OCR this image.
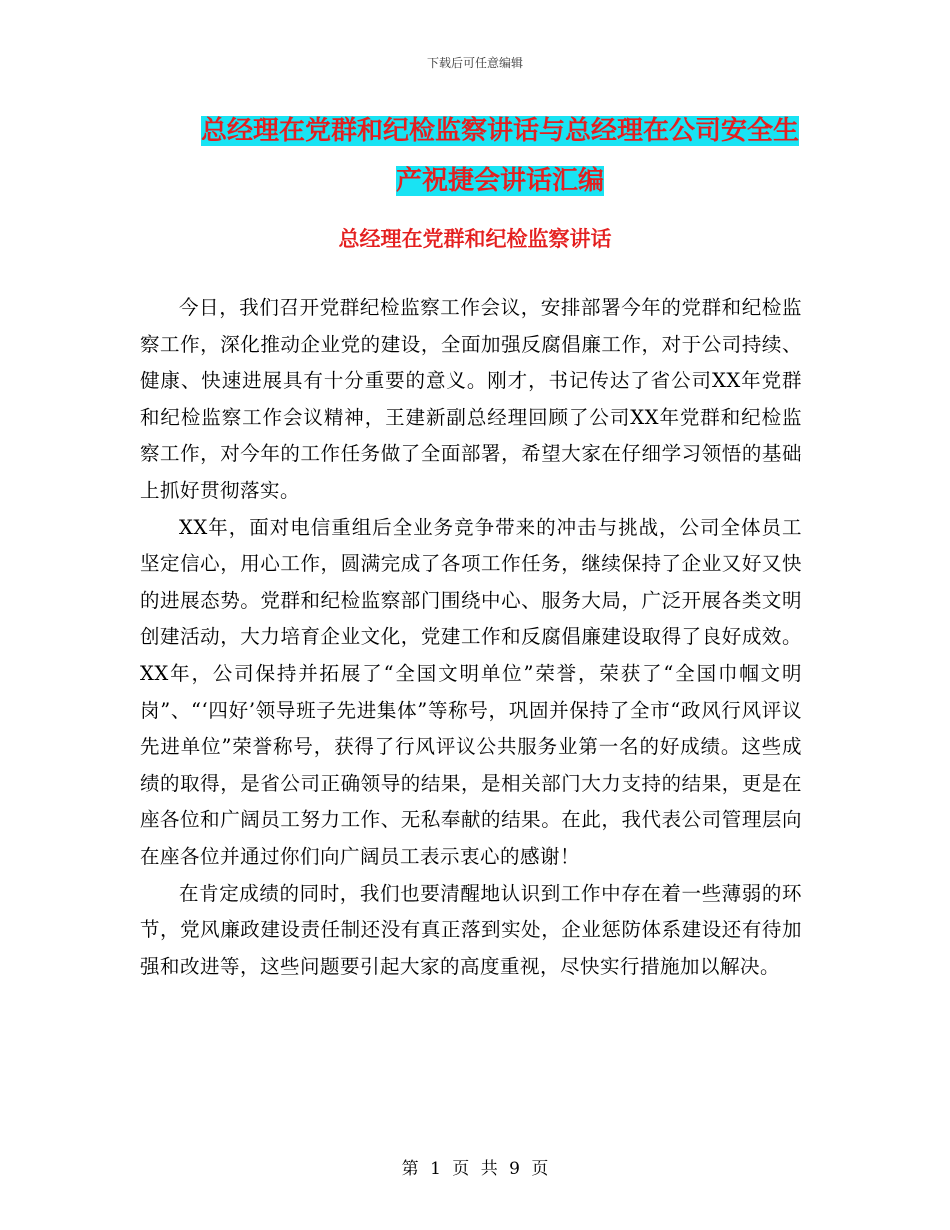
下载后可任意编辑
总经理在党群和纪检监察讲话与总经理在公司安全生
产祝捷会讲话汇编
总经理在党群和纪检监察讲话

今日，我们召开党群纪检监察工作会议，安排部署今年的党群和纪检监察工作，深化推动企业党的建设，全面加强反腐倡廉工作，对于公司持续、健康、快速进展具有十分重要的意义。刚才，书记传达了省公司XX年党群和纪检监察工作会议精神，王建新副总经理回顾了公司XX年党群和纪检监察工作，对今年的工作任务做了全面部署，希望大家在仔细学习领悟的基础上抓好贯彻落实。

XX年，面对电信重组后全业务竞争带来的冲击与挑战，公司全体员工坚定信心，用心工作，圆满完成了各项工作任务，继续保持了企业又好又快的进展态势。党群和纪检监察部门围绕中心、服务大局，广泛开展各类文明创建活动，大力培育企业文化，党建工作和反腐倡廉建设取得了良好成效。XX年，公司保持并拓展了“全国文明单位”荣誉，荣获了“全国巾帼文明岗”、“‘四好’领导班子先进集体”等称号，巩固并保持了全市“政风行风评议先进单位”荣誉称号，获得了行风评议公共服务业第一名的好成绩。这些成绩的取得，是省公司正确领导的结果，是相关部门大力支持的结果，更是在座各位和广阔员工努力工作、无私奉献的结果。在此，我代表公司管理层向在座各位并通过你们向广阔员工表示衷心的感谢！

在肯定成绩的同时，我们也要清醒地认识到工作中存在着一些薄弱的环节，党风廉政建设责任制还没有真正落到实处，企业惩防体系建设还有待加强和改进等，这些问题要引起大家的高度重视，尽快实行措施加以解决。

第 1 页 共 9 页
